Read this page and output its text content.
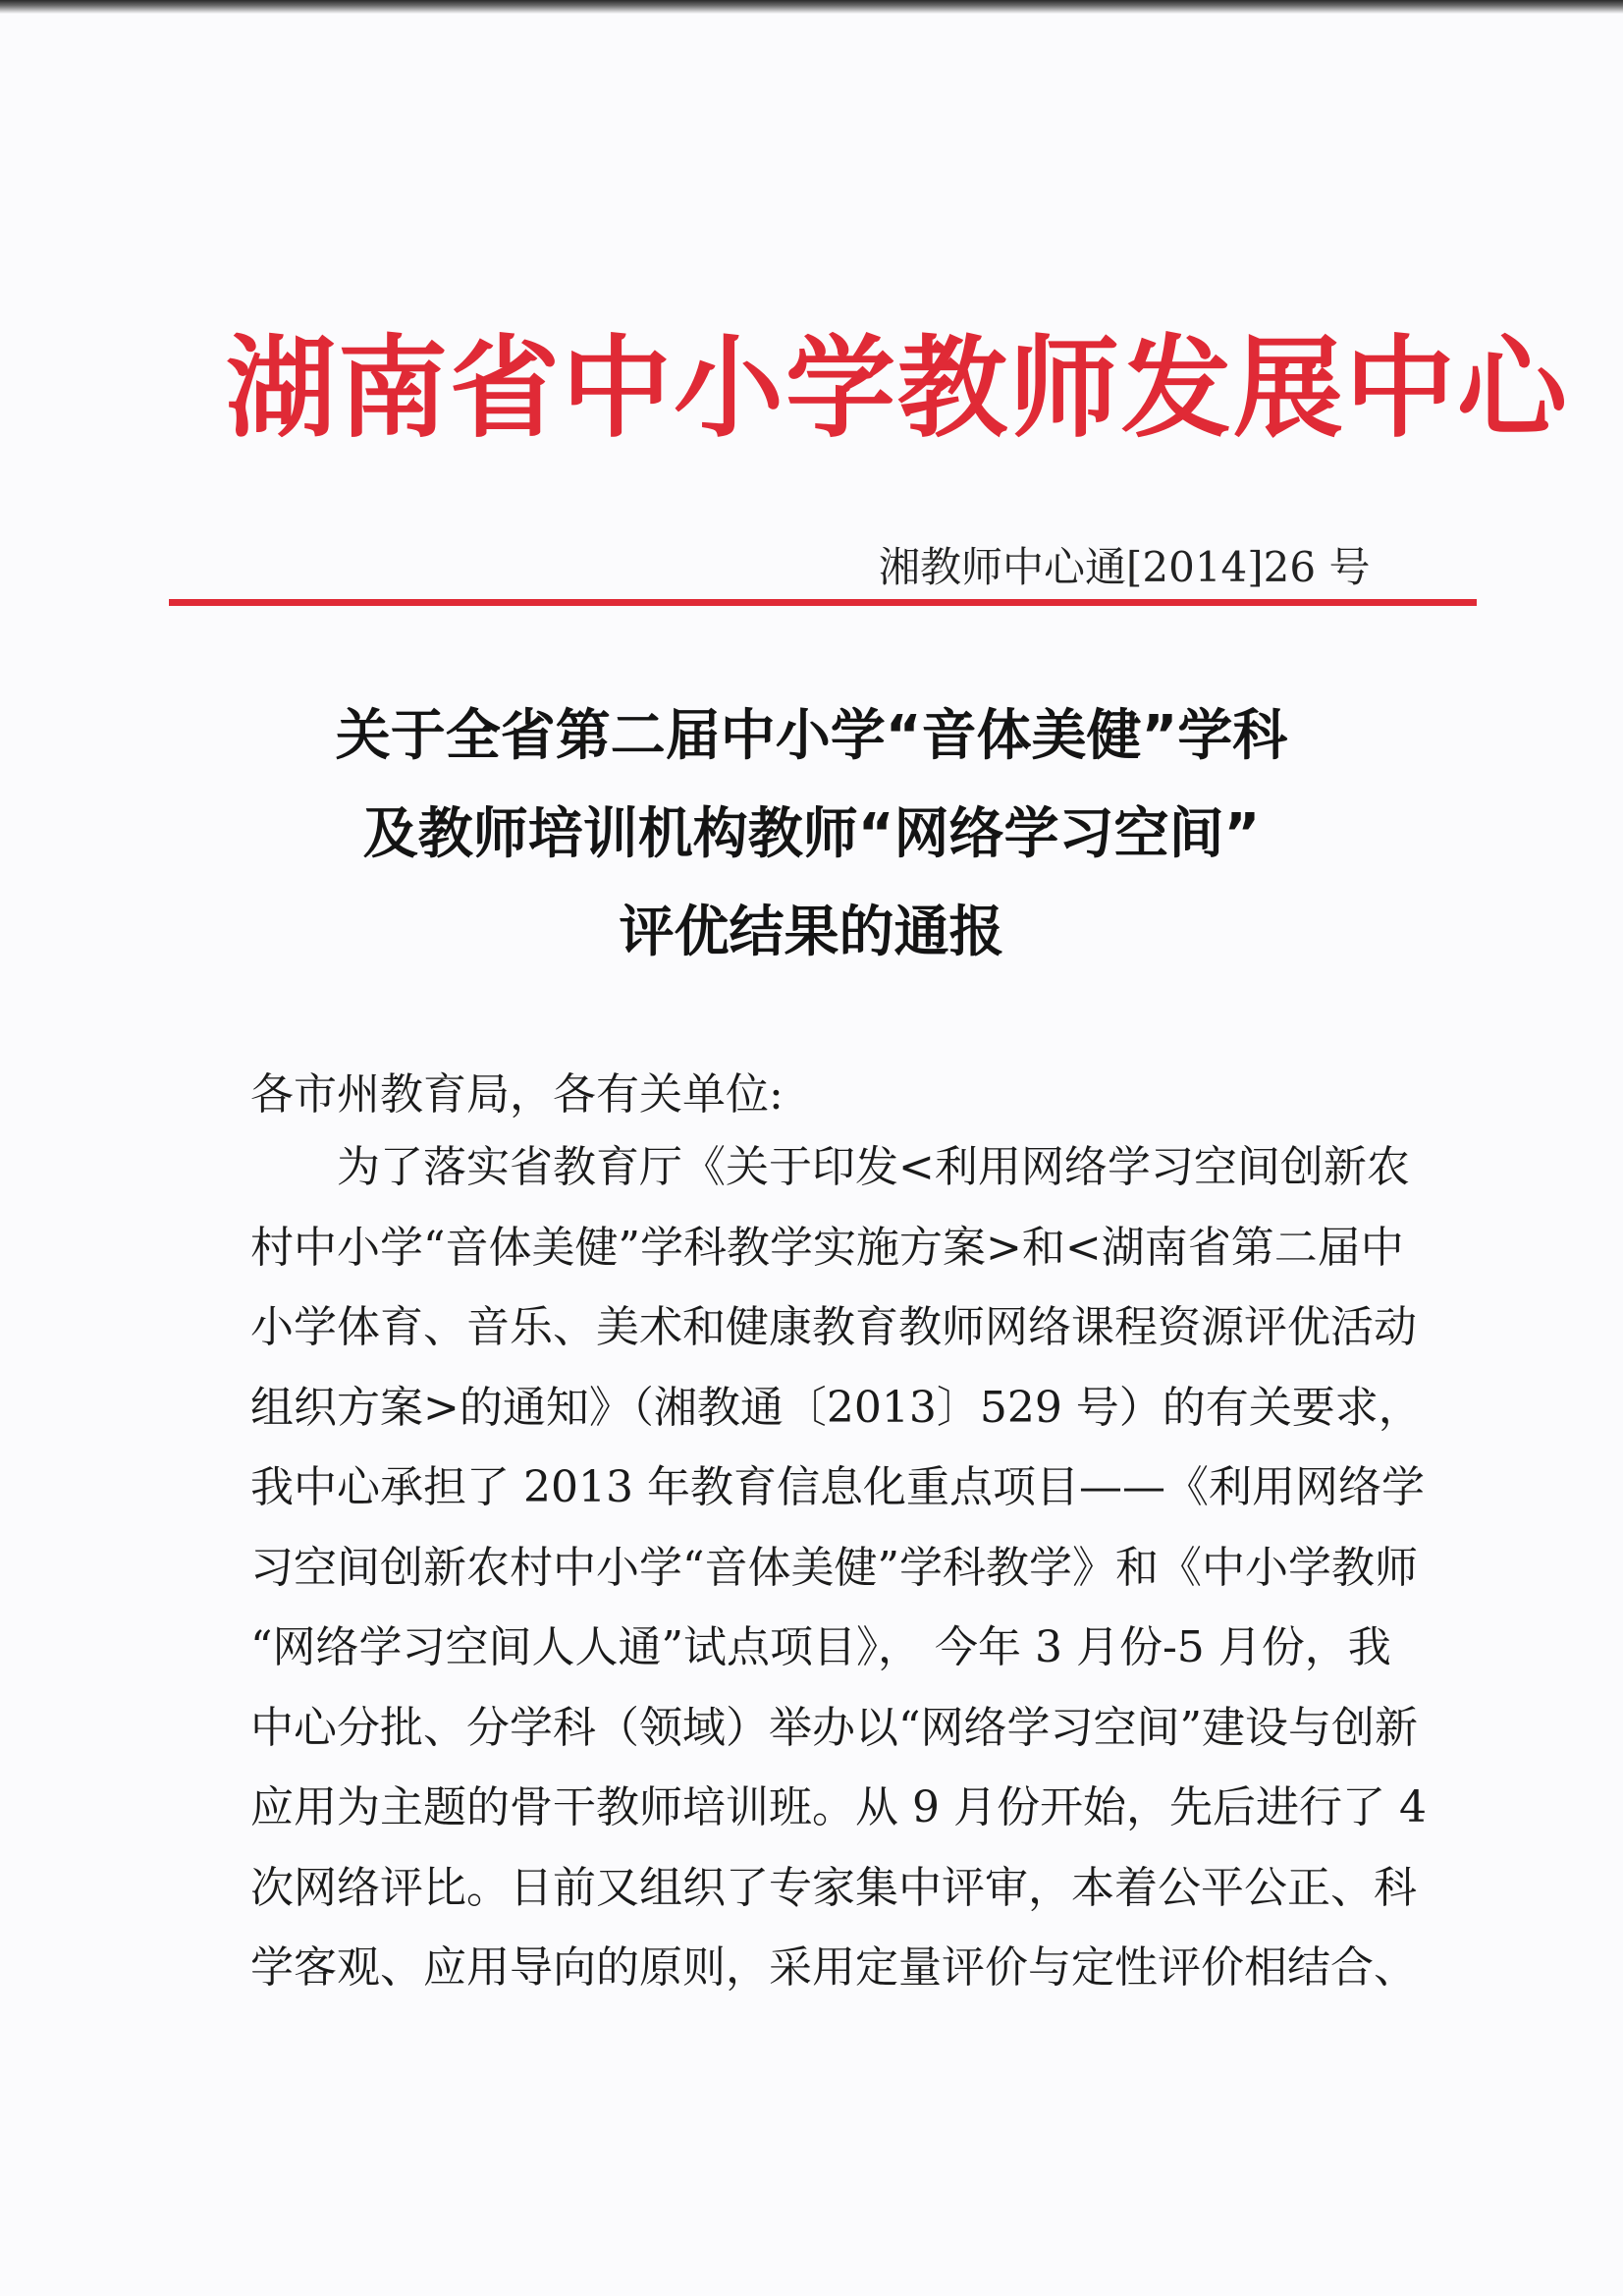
湖南省中小学教师发展中心
湘教师中心通[2014]26 号
关于全省第二届中小学“音体美健”学科
及教师培训机构教师“网络学习空间”
评优结果的通报
各市州教育局，各有关单位:
为了落实省教育厅《关于印发<利用网络学习空间创新农
村中小学“音体美健”学科教学实施方案>和<湖南省第二届中
小学体育、音乐、美术和健康教育教师网络课程资源评优活动
组织方案>的通知》（湘教通〔2013〕529 号）的有关要求，
我中心承担了 2013 年教育信息化重点项目——《利用网络学
习空间创新农村中小学“音体美健”学科教学》和《中小学教师
“网络学习空间人人通”试点项目》， 今年 3 月份-5 月份，我
中心分批、分学科（领域）举办以“网络学习空间”建设与创新
应用为主题的骨干教师培训班。从 9 月份开始，先后进行了 4
次网络评比。日前又组织了专家集中评审，本着公平公正、科
学客观、应用导向的原则，采用定量评价与定性评价相结合、
